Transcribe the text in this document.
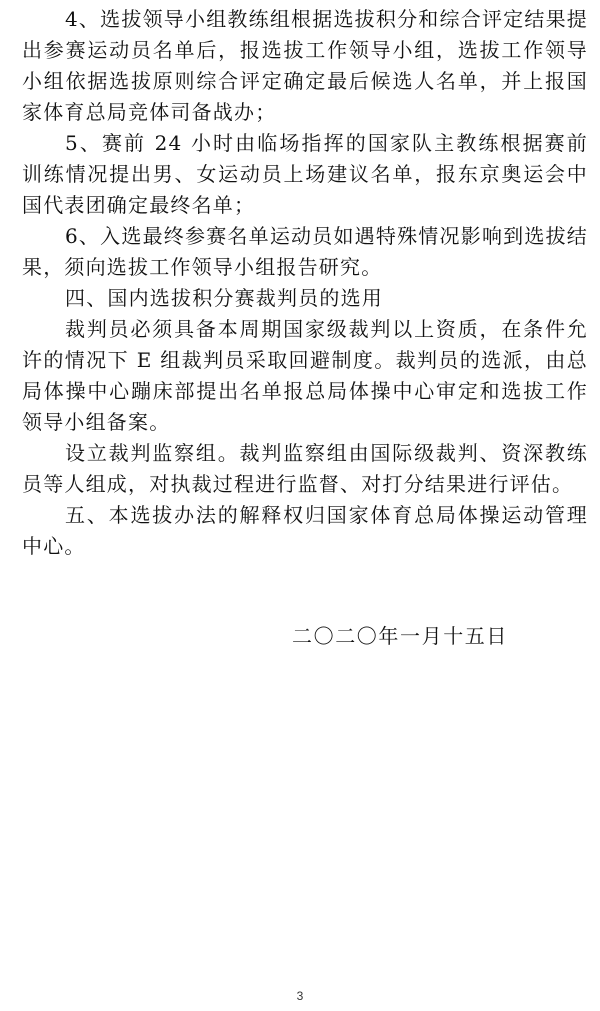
4、选拔领导小组教练组根据选拔积分和综合评定结果提出参赛运动员名单后，报选拔工作领导小组，选拔工作领导小组依据选拔原则综合评定确定最后候选人名单，并上报国家体育总局竞体司备战办；

5、赛前 24 小时由临场指挥的国家队主教练根据赛前训练情况提出男、女运动员上场建议名单，报东京奥运会中国代表团确定最终名单；

6、入选最终参赛名单运动员如遇特殊情况影响到选拔结果，须向选拔工作领导小组报告研究。

四、国内选拔积分赛裁判员的选用

裁判员必须具备本周期国家级裁判以上资质，在条件允许的情况下 E 组裁判员采取回避制度。裁判员的选派，由总局体操中心蹦床部提出名单报总局体操中心审定和选拔工作领导小组备案。

设立裁判监察组。裁判监察组由国际级裁判、资深教练员等人组成，对执裁过程进行监督、对打分结果进行评估。

五、本选拔办法的解释权归国家体育总局体操运动管理中心。

二〇二〇年一月十五日
3
